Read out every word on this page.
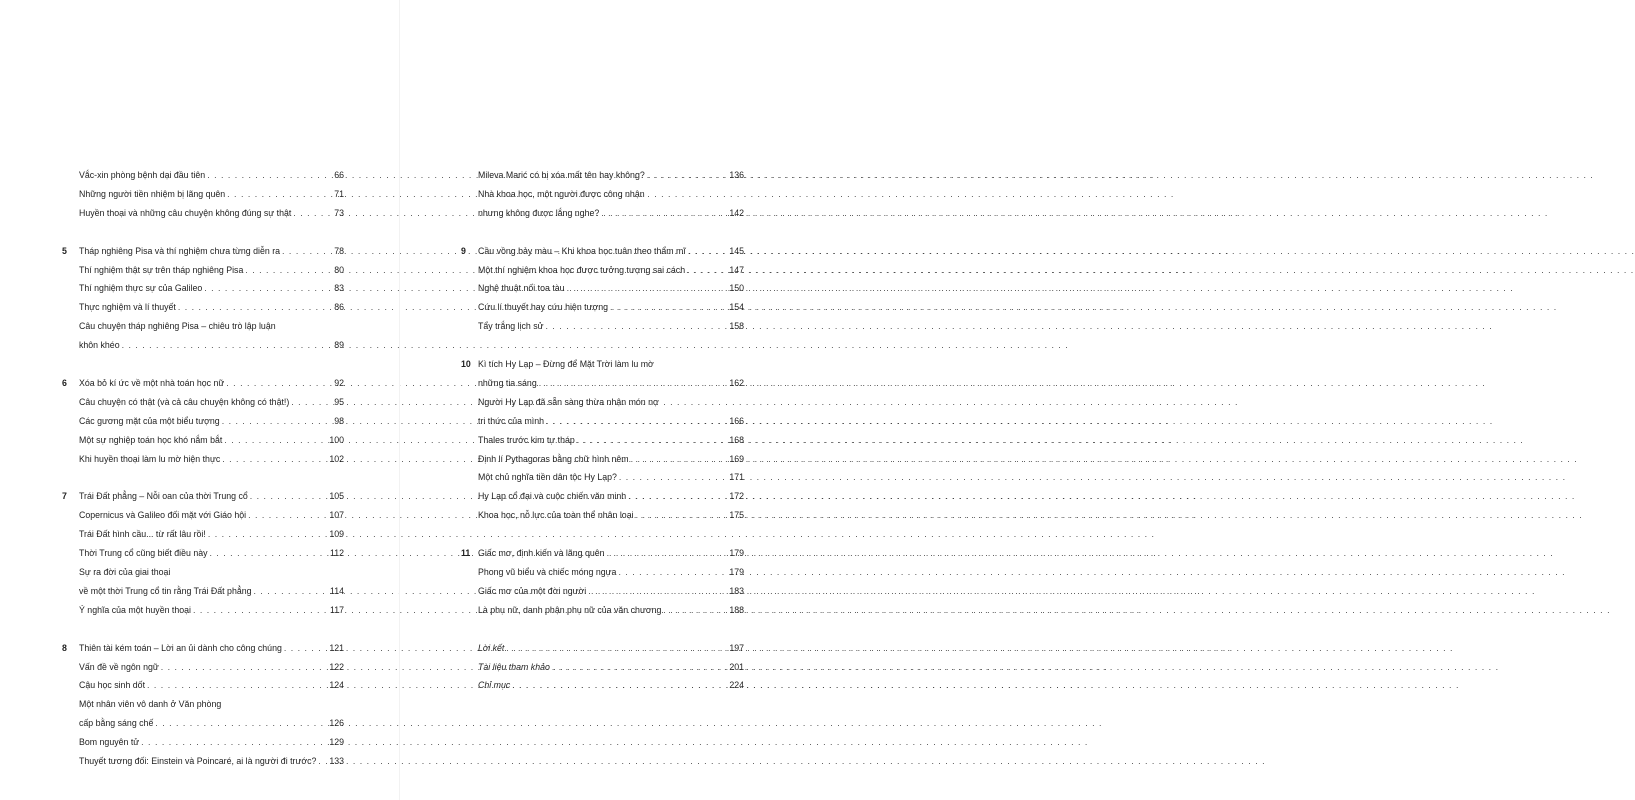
Vắc-xin phòng bệnh dại đầu tiên . . .	66
Những người tiền nhiệm bị lãng quên . . .	71
Huyền thoại và những câu chuyện không đúng sự thật . . .	73
5	Tháp nghiêng Pisa và thí nghiệm chưa từng diễn ra . . .	78
Thí nghiệm thật sự trên tháp nghiêng Pisa . . .	80
Thí nghiệm thực sự của Galileo . . .	83
Thực nghiệm và lí thuyết . . .	86
Câu chuyện tháp nghiêng Pisa – chiêu trò lập luận
khôn khéo . . .	89
6	Xóa bỏ kí ức về một nhà toán học nữ . . .	92
Câu chuyện có thật (và cả câu chuyện không có thật!) . . .	95
Các gương mặt của một biểu tượng . . .	98
Một sự nghiệp toán học khó nắm bắt . . .	100
Khi huyền thoại làm lu mờ hiện thực . . .	102
7	Trái Đất phẳng – Nỗi oan của thời Trung cổ . . .	105
Copernicus và Galileo đối mặt với Giáo hội . . .	107
Trái Đất hình cầu... từ rất lâu rồi! . . .	109
Thời Trung cổ cũng biết điều này . . .	112
Sự ra đời của giai thoại
về một thời Trung cổ tin rằng Trái Đất phẳng . . .	114
Ý nghĩa của một huyền thoại . . .	117
8	Thiên tài kém toán – Lời an ủi dành cho công chúng . . .	121
Vấn đề về ngôn ngữ . . .	122
Cậu học sinh dốt . . .	124
Một nhân viên vô danh ở Văn phòng
cấp bằng sáng chế . . .	126
Bom nguyên tử . . .	129
Thuyết tương đối: Einstein và Poincaré, ai là người đi trước? . . . 133
Mileva Marić có bị xóa mất tên hay không? . . .	136
Nhà khoa học, một người được công nhận
nhưng không được lắng nghe? . . .	142
9	Cầu vồng bảy màu – Khi khoa học tuân theo thẩm mĩ . . .	145
Một thí nghiệm khoa học được tưởng tượng sai cách . . .	147
Nghệ thuật nối toa tàu . . .	150
Cứu lí thuyết hay cứu hiện tượng . . .	154
Tẩy trắng lịch sử . . .	158
10 Kì tích Hy Lạp – Đừng để Mặt Trời làm lu mờ
những tia sáng . . .	162
Người Hy Lạp đã sẵn sàng thừa nhận món nợ
tri thức của mình . . .	166
Thales trước kim tự tháp . . .	168
Định lí Pythagoras bằng chữ hình nêm . . .	169
Một chủ nghĩa tiền dân tộc Hy Lạp? . . .	171
Hy Lạp cổ đại và cuộc chiến văn minh . . .	172
Khoa học, nỗ lực của toàn thể nhân loại . . .	175
11 Giấc mơ, định kiến và lãng quên . . .	179
Phong vũ biểu và chiếc móng ngựa . . .	179
Giấc mơ của một đời người . . .	183
Là phụ nữ, danh phận phụ nữ của văn chương . . .	188
Lời kết . . .	197
Tài liệu tham khảo . . .	201
Chỉ mục . . .	224
